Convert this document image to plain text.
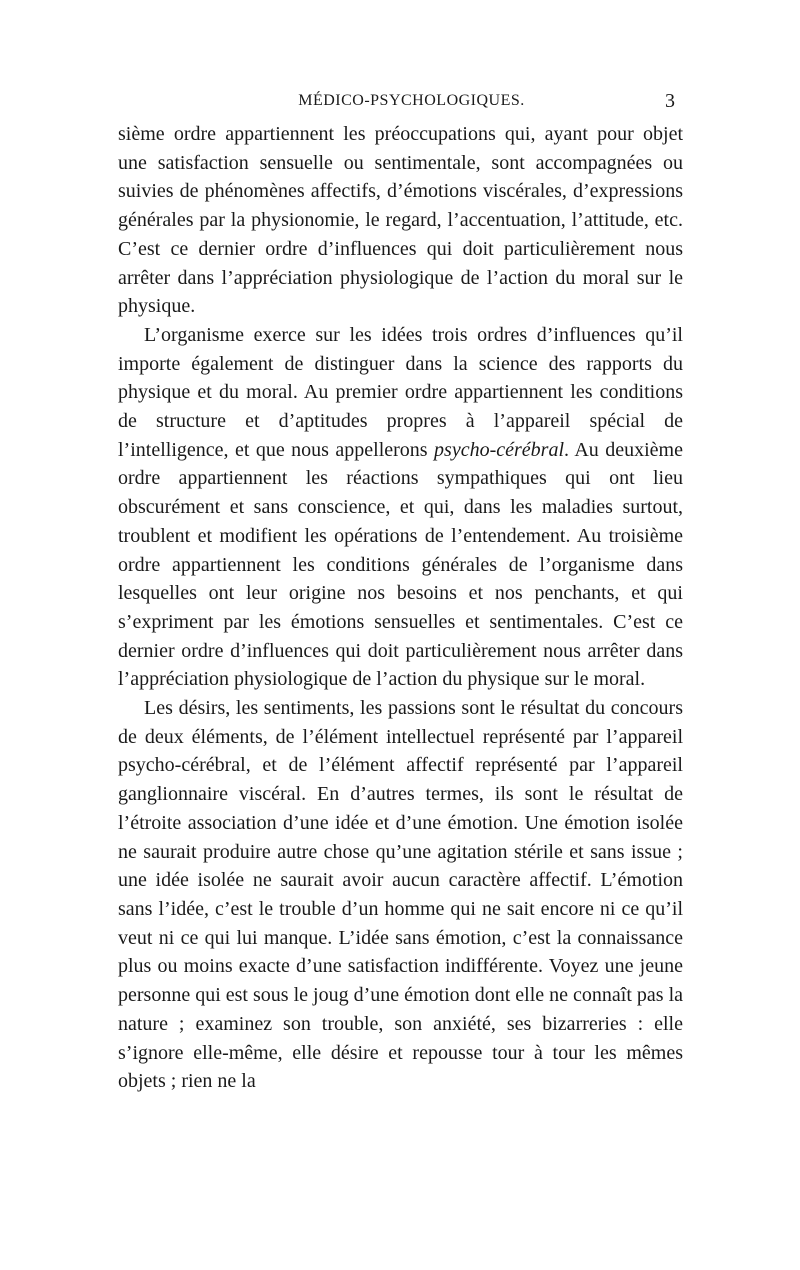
MÉDICO-PSYCHOLOGIQUES.	3

sième ordre appartiennent les préoccupations qui, ayant pour objet une satisfaction sensuelle ou sentimentale, sont accompagnées ou suivies de phénomènes affectifs, d’émotions viscérales, d’expressions générales par la physionomie, le regard, l’accentuation, l’attitude, etc. C’est ce dernier ordre d’influences qui doit particulièrement nous arrêter dans l’appréciation physiologique de l’action du moral sur le physique.

L’organisme exerce sur les idées trois ordres d’influences qu’il importe également de distinguer dans la science des rapports du physique et du moral. Au premier ordre appartiennent les conditions de structure et d’aptitudes propres à l’appareil spécial de l’intelligence, et que nous appellerons psycho-cérébral. Au deuxième ordre appartiennent les réactions sympathiques qui ont lieu obscurément et sans conscience, et qui, dans les maladies surtout, troublent et modifient les opérations de l’entendement. Au troisième ordre appartiennent les conditions générales de l’organisme dans lesquelles ont leur origine nos besoins et nos penchants, et qui s’expriment par les émotions sensuelles et sentimentales. C’est ce dernier ordre d’influences qui doit particulièrement nous arrêter dans l’appréciation physiologique de l’action du physique sur le moral.

Les désirs, les sentiments, les passions sont le résultat du concours de deux éléments, de l’élément intellectuel représenté par l’appareil psycho-cérébral, et de l’élément affectif représenté par l’appareil ganglionnaire viscéral. En d’autres termes, ils sont le résultat de l’étroite association d’une idée et d’une émotion. Une émotion isolée ne saurait produire autre chose qu’une agitation stérile et sans issue ; une idée isolée ne saurait avoir aucun caractère affectif. L’émotion sans l’idée, c’est le trouble d’un homme qui ne sait encore ni ce qu’il veut ni ce qui lui manque. L’idée sans émotion, c’est la connaissance plus ou moins exacte d’une satisfaction indifférente. Voyez une jeune personne qui est sous le joug d’une émotion dont elle ne connaît pas la nature ; examinez son trouble, son anxiété, ses bizarreries : elle s’ignore elle-même, elle désire et repousse tour à tour les mêmes objets ; rien ne la
